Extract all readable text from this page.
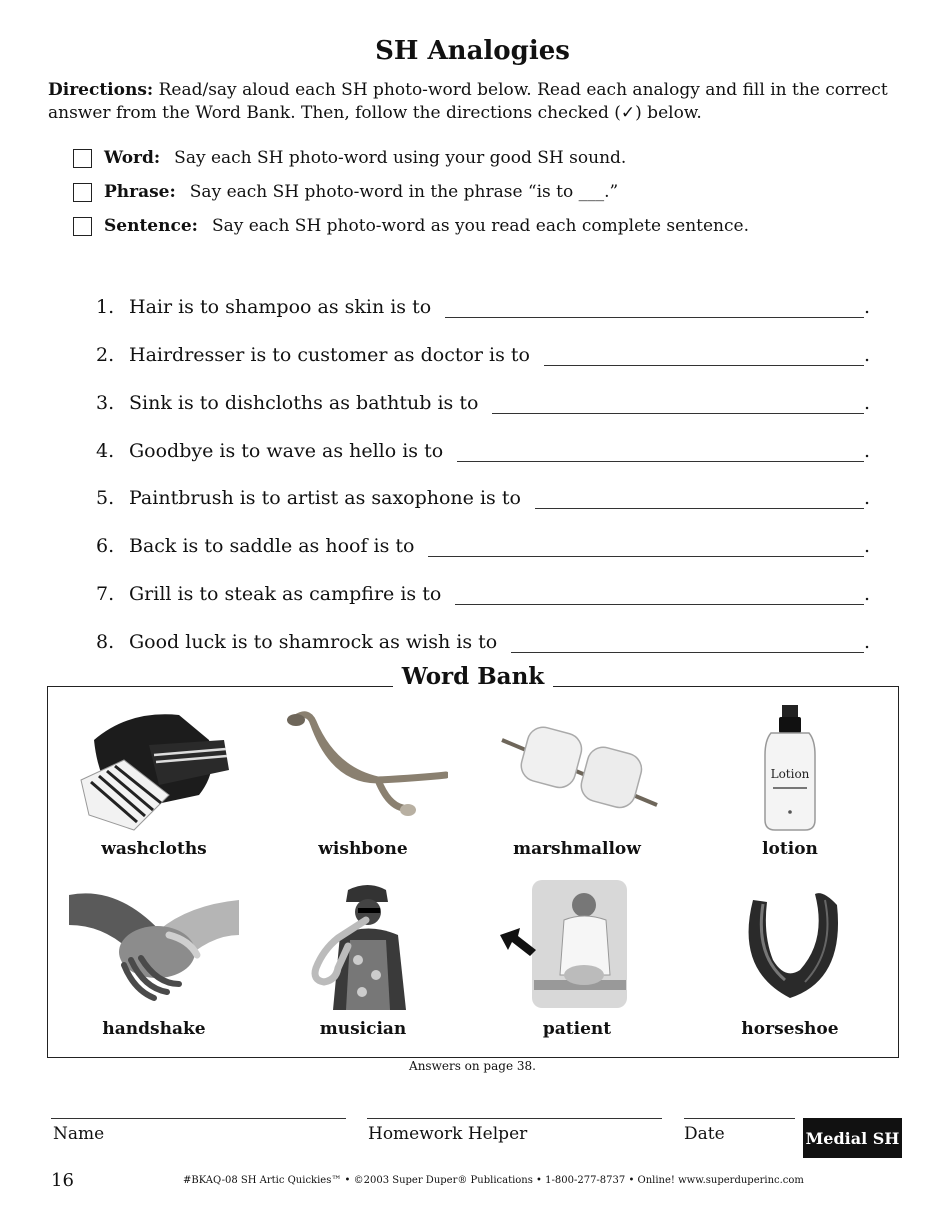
SH Analogies
Directions: Read/say aloud each SH photo-word below. Read each analogy and fill in the correct answer from the Word Bank. Then, follow the directions checked (✓) below.
Word: Say each SH photo-word using your good SH sound.
Phrase: Say each SH photo-word in the phrase “is to ___.”
Sentence: Say each SH photo-word as you read each complete sentence.
1. Hair is to shampoo as skin is to	.
2. Hairdresser is to customer as doctor is to	.
3. Sink is to dishcloths as bathtub is to	.
4. Goodbye is to wave as hello is to	.
5. Paintbrush is to artist as saxophone is to	.
6. Back is to saddle as hoof is to	.
7. Grill is to steak as campfire is to	.
8. Good luck is to shamrock as wish is to	.
Word Bank
washcloths	wishbone	marshmallow
Lotion
lotion
handshake	musician	patient	horseshoe
Answers on page 38.
Name	Homework Helper	Date	Medial SH
16	#BKAQ-08 SH Artic Quickies™ • ©2003 Super Duper® Publications • 1-800-277-8737 • Online! www.superduperinc.com
